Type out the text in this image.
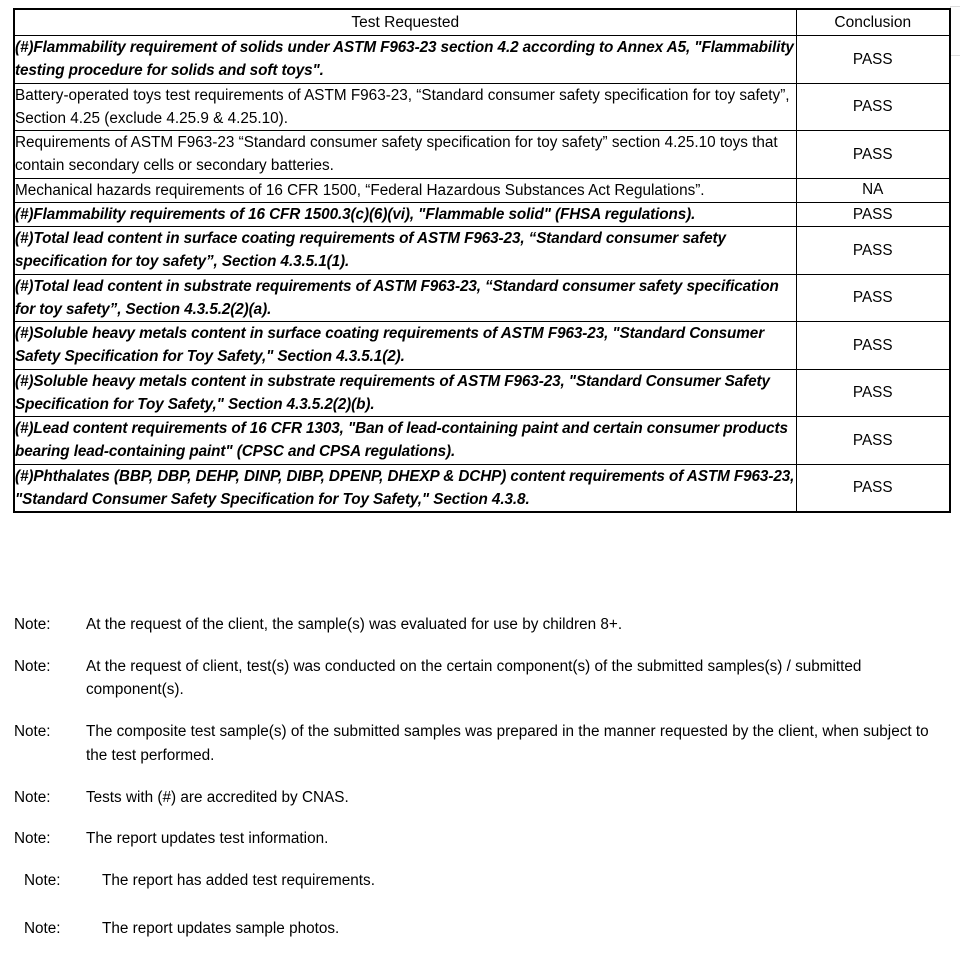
Test Requested	Conclusion
(#)Flammability requirement of solids under ASTM F963-23 section 4.2 according to Annex A5, "Flammability testing procedure for solids and soft toys".	PASS
Battery-operated toys test requirements of ASTM F963-23, “Standard consumer safety specification for toy safety”, Section 4.25 (exclude 4.25.9 & 4.25.10).	PASS
Requirements of ASTM F963-23 “Standard consumer safety specification for toy safety” section 4.25.10 toys that contain secondary cells or secondary batteries.	PASS
Mechanical hazards requirements of 16 CFR 1500, “Federal Hazardous Substances Act Regulations”.	NA
(#)Flammability requirements of 16 CFR 1500.3(c)(6)(vi), "Flammable solid" (FHSA regulations).	PASS
(#)Total lead content in surface coating requirements of ASTM F963-23, “Standard consumer safety specification for toy safety”, Section 4.3.5.1(1).	PASS
(#)Total lead content in substrate requirements of ASTM F963-23, “Standard consumer safety specification for toy safety”, Section 4.3.5.2(2)(a).	PASS
(#)Soluble heavy metals content in surface coating requirements of ASTM F963-23, "Standard Consumer Safety Specification for Toy Safety," Section 4.3.5.1(2).	PASS
(#)Soluble heavy metals content in substrate requirements of ASTM F963-23, "Standard Consumer Safety Specification for Toy Safety," Section 4.3.5.2(2)(b).	PASS
(#)Lead content requirements of 16 CFR 1303, "Ban of lead-containing paint and certain consumer products bearing lead-containing paint" (CPSC and CPSA regulations).	PASS
(#)Phthalates (BBP, DBP, DEHP, DINP, DIBP, DPENP, DHEXP & DCHP) content requirements of ASTM F963-23, "Standard Consumer Safety Specification for Toy Safety," Section 4.3.8.	PASS
Note:	At the request of the client, the sample(s) was evaluated for use by children 8+.
Note:	At the request of client, test(s) was conducted on the certain component(s) of the submitted samples(s) / submitted component(s).
Note:	The composite test sample(s) of the submitted samples was prepared in the manner requested by the client, when subject to the test performed.
Note:	Tests with (#) are accredited by CNAS.
Note:	The report updates test information.
Note:	The report has added test requirements.
Note:	The report updates sample photos.
